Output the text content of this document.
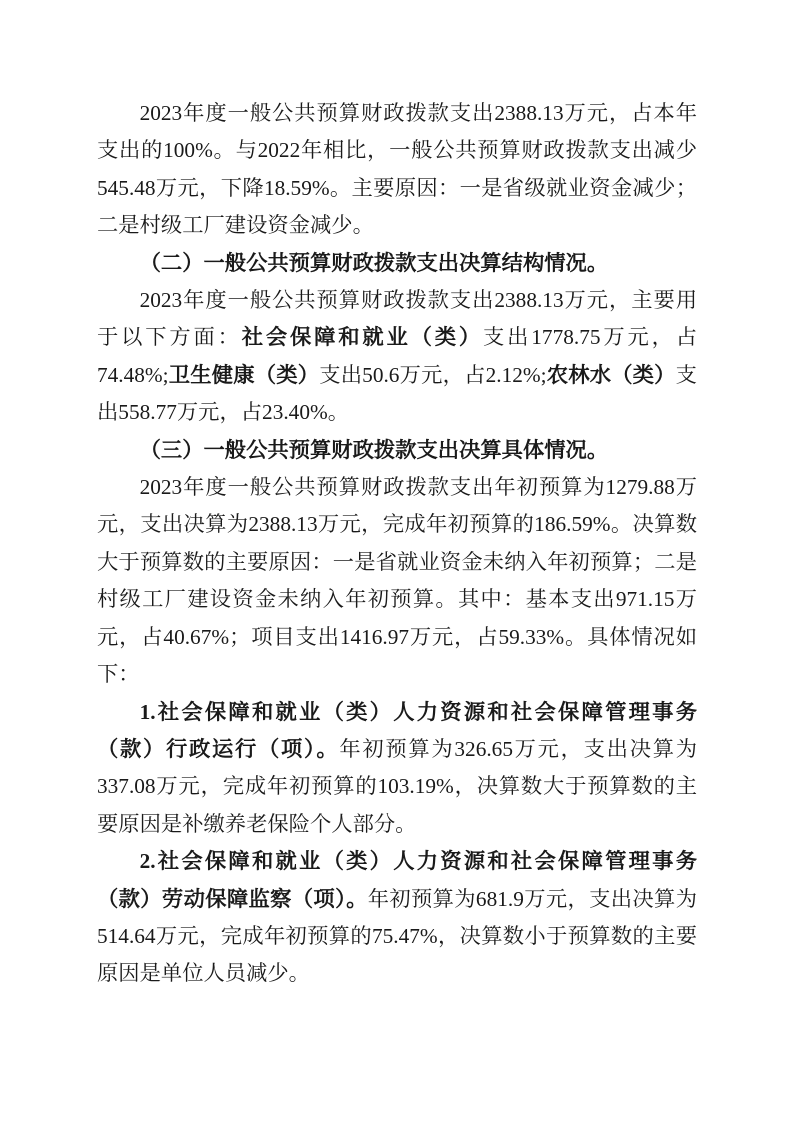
2023年度一般公共预算财政拨款支出2388.13万元，占本年支出的100%。与2022年相比，一般公共预算财政拨款支出减少545.48万元，下降18.59%。主要原因：一是省级就业资金减少；二是村级工厂建设资金减少。

（二）一般公共预算财政拨款支出决算结构情况。

2023年度一般公共预算财政拨款支出2388.13万元，主要用于以下方面：社会保障和就业（类）支出1778.75万元，占74.48%;卫生健康（类）支出50.6万元，占2.12%;农林水（类）支出558.77万元，占23.40%。

（三）一般公共预算财政拨款支出决算具体情况。

2023年度一般公共预算财政拨款支出年初预算为1279.88万元，支出决算为2388.13万元，完成年初预算的186.59%。决算数大于预算数的主要原因：一是省就业资金未纳入年初预算；二是村级工厂建设资金未纳入年初预算。其中：基本支出971.15万元，占40.67%；项目支出1416.97万元，占59.33%。具体情况如下：

1.社会保障和就业（类）人力资源和社会保障管理事务（款）行政运行（项）。年初预算为326.65万元，支出决算为337.08万元，完成年初预算的103.19%，决算数大于预算数的主要原因是补缴养老保险个人部分。

2.社会保障和就业（类）人力资源和社会保障管理事务（款）劳动保障监察（项）。年初预算为681.9万元，支出决算为514.64万元，完成年初预算的75.47%，决算数小于预算数的主要原因是单位人员减少。
